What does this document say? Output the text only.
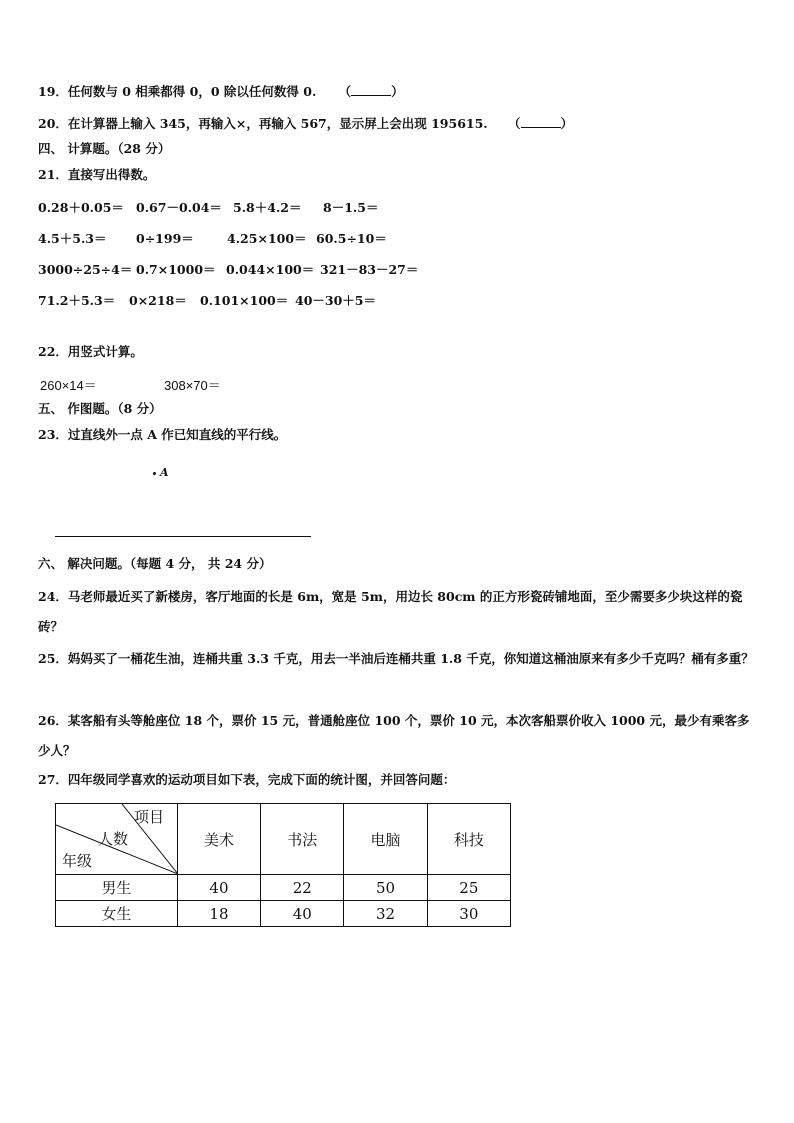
19．任何数与 0 相乘都得 0，0 除以任何数得 0. （	）
20．在计算器上输入 345，再输入×，再输入 567，显示屏上会出现 195615. （	）
四、 计算题。（28 分）
21．直接写出得数。
0.28＋0.05＝ 0.67－0.04＝ 5.8＋4.2＝ 8－1.5＝
4.5＋5.3＝ 0÷199＝	4.25×100＝ 60.5÷10＝
3000÷25÷4＝ 0.7×1000＝ 0.044×100＝ 321－83－27＝
71.2＋5.3＝ 0×218＝ 0.101×100＝ 40－30＋5＝
22．用竖式计算。
260×14＝	308×70＝
五、 作图题。（8 分）
23．过直线外一点 A 作已知直线的平行线。
A
六、 解决问题。（每题 4 分， 共 24 分）
24．马老师最近买了新楼房，客厅地面的长是 6m，宽是 5m，用边长 80cm 的正方形瓷砖铺地面，至少需要多少块这样的瓷砖？
25．妈妈买了一桶花生油，连桶共重 3.3 千克，用去一半油后连桶共重 1.8 千克，你知道这桶油原来有多少千克吗？桶有多重？
26．某客船有头等舱座位 18 个，票价 15 元，普通舱座位 100 个，票价 10 元，本次客船票价收入 1000 元，最少有乘客多少人？
27．四年级同学喜欢的运动项目如下表，完成下面的统计图，并回答问题：
项目
人数
年级	美术	书法	电脑	科技
男生	40	22	50	25
女生	18	40	32	30
